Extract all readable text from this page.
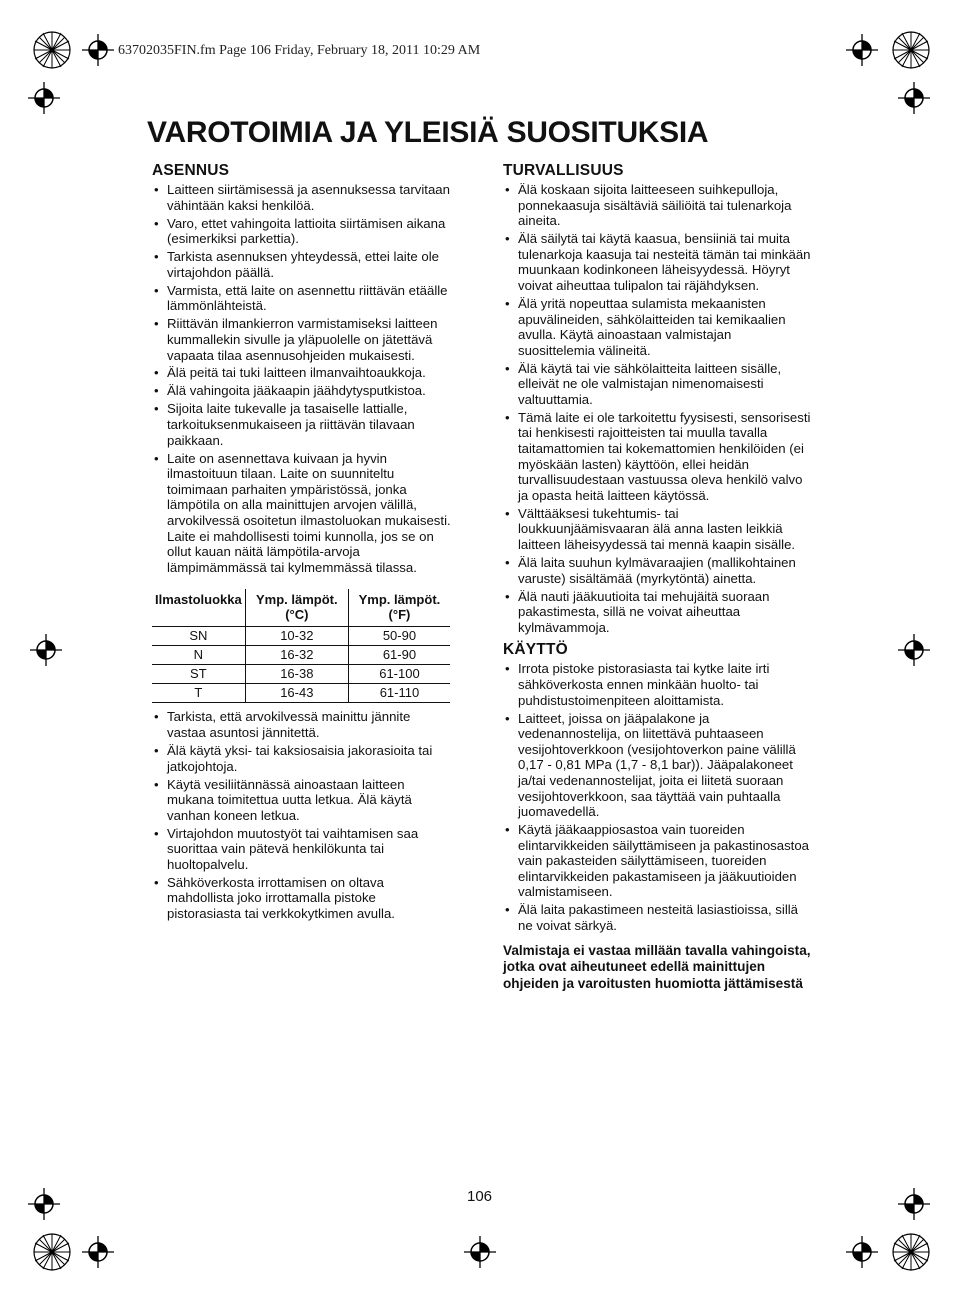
63702035FIN.fm Page 106 Friday, February 18, 2011 10:29 AM
VAROTOIMIA JA YLEISIÄ SUOSITUKSIA
ASENNUS
• Laitteen siirtämisessä ja asennuksessa tarvitaan vähintään kaksi henkilöä.
• Varo, ettet vahingoita lattioita siirtämisen aikana (esimerkiksi parkettia).
• Tarkista asennuksen yhteydessä, ettei laite ole virtajohdon päällä.
• Varmista, että laite on asennettu riittävän etäälle lämmönlähteistä.
• Riittävän ilmankierron varmistamiseksi laitteen kummallekin sivulle ja yläpuolelle on jätettävä vapaata tilaa asennusohjeiden mukaisesti.
• Älä peitä tai tuki laitteen ilmanvaihtoaukkoja.
• Älä vahingoita jääkaapin jäähdytysputkistoa.
• Sijoita laite tukevalle ja tasaiselle lattialle, tarkoituksenmukaiseen ja riittävän tilavaan paikkaan.
• Laite on asennettava kuivaan ja hyvin ilmastoituun tilaan. Laite on suunniteltu toimimaan parhaiten ympäristössä, jonka lämpötila on alla mainittujen arvojen välillä, arvokilvessä osoitetun ilmastoluokan mukaisesti. Laite ei mahdollisesti toimi kunnolla, jos se on ollut kauan näitä lämpötila-arvoja lämpimämmässä tai kylmemmässä tilassa.
Ilmastoluokka	Ymp. lämpöt. (°C)	Ymp. lämpöt. (°F)
SN	10-32	50-90
N	16-32	61-90
ST	16-38	61-100
T	16-43	61-110
• Tarkista, että arvokilvessä mainittu jännite vastaa asuntosi jännitettä.
• Älä käytä yksi- tai kaksiosaisia jakorasioita tai jatkojohtoja.
• Käytä vesiliitännässä ainoastaan laitteen mukana toimitettua uutta letkua. Älä käytä vanhan koneen letkua.
• Virtajohdon muutostyöt tai vaihtamisen saa suorittaa vain pätevä henkilökunta tai huoltopalvelu.
• Sähköverkosta irrottamisen on oltava mahdollista joko irrottamalla pistoke pistorasiasta tai verkkokytkimen avulla.
TURVALLISUUS
• Älä koskaan sijoita laitteeseen suihkepulloja, ponnekaasuja sisältäviä säiliöitä tai tulenarkoja aineita.
• Älä säilytä tai käytä kaasua, bensiiniä tai muita tulenarkoja kaasuja tai nesteitä tämän tai minkään muunkaan kodinkoneen läheisyydessä. Höyryt voivat aiheuttaa tulipalon tai räjähdyksen.
• Älä yritä nopeuttaa sulamista mekaanisten apuvälineiden, sähkölaitteiden tai kemikaalien avulla. Käytä ainoastaan valmistajan suosittelemia välineitä.
• Älä käytä tai vie sähkölaitteita laitteen sisälle, elleivät ne ole valmistajan nimenomaisesti valtuuttamia.
• Tämä laite ei ole tarkoitettu fyysisesti, sensorisesti tai henkisesti rajoitteisten tai muulla tavalla taitamattomien tai kokemattomien henkilöiden (ei myöskään lasten) käyttöön, ellei heidän turvallisuudestaan vastuussa oleva henkilö valvo ja opasta heitä laitteen käytössä.
• Välttääksesi tukehtumis- tai loukkuunjäämisvaaran älä anna lasten leikkiä laitteen läheisyydessä tai mennä kaapin sisälle.
• Älä laita suuhun kylmävaraajien (mallikohtainen varuste) sisältämää (myrkytöntä) ainetta.
• Älä nauti jääkuutioita tai mehujäitä suoraan pakastimesta, sillä ne voivat aiheuttaa kylmävammoja.
KÄYTTÖ
• Irrota pistoke pistorasiasta tai kytke laite irti sähköverkosta ennen minkään huolto- tai puhdistustoimenpiteen aloittamista.
• Laitteet, joissa on jääpalakone ja vedenannostelija, on liitettävä puhtaaseen vesijohtoverkkoon (vesijohtoverkon paine välillä 0,17 - 0,81 MPa (1,7 - 8,1 bar)). Jääpalakoneet ja/tai vedenannostelijat, joita ei liitetä suoraan vesijohtoverkkoon, saa täyttää vain puhtaalla juomavedellä.
• Käytä jääkaappiosastoa vain tuoreiden elintarvikkeiden säilyttämiseen ja pakastinosastoa vain pakasteiden säilyttämiseen, tuoreiden elintarvikkeiden pakastamiseen ja jääkuutioiden valmistamiseen.
• Älä laita pakastimeen nesteitä lasiastioissa, sillä ne voivat särkyä.

Valmistaja ei vastaa millään tavalla vahingoista, jotka ovat aiheutuneet edellä mainittujen ohjeiden ja varoitusten huomiotta jättämisestä

106
